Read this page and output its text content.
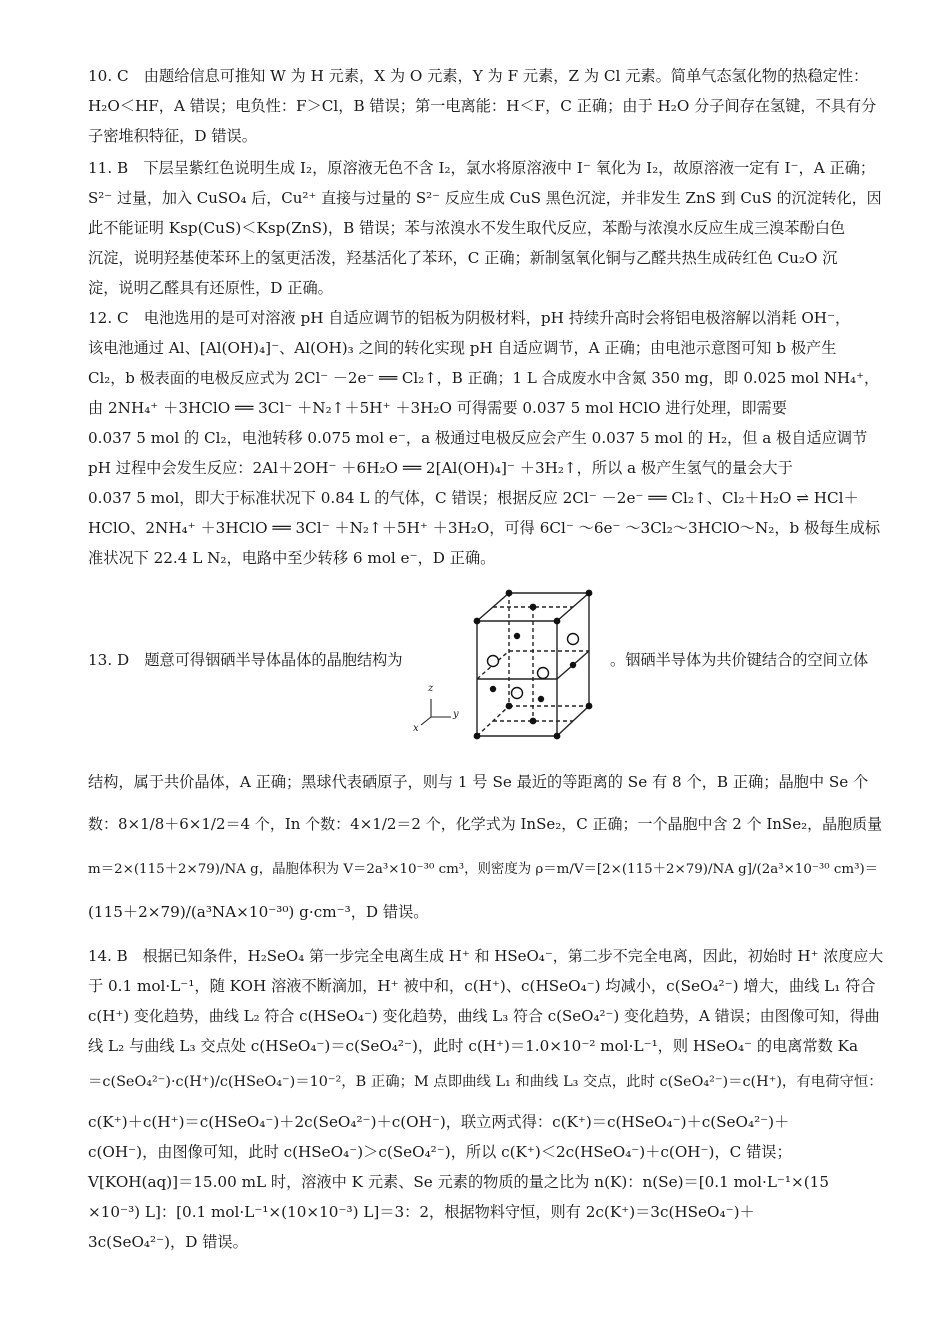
10. C　由题给信息可推知 W 为 H 元素，X 为 O 元素，Y 为 F 元素，Z 为 Cl 元素。简单气态氢化物的热稳定性：
H₂O＜HF，A 错误；电负性：F＞Cl，B 错误；第一电离能：H＜F，C 正确；由于 H₂O 分子间存在氢键，不具有分
子密堆积特征，D 错误。
11. B　下层呈紫红色说明生成 I₂，原溶液无色不含 I₂，氯水将原溶液中 I⁻ 氧化为 I₂，故原溶液一定有 I⁻，A 正确；
S²⁻ 过量，加入 CuSO₄ 后，Cu²⁺ 直接与过量的 S²⁻ 反应生成 CuS 黑色沉淀，并非发生 ZnS 到 CuS 的沉淀转化，因
此不能证明 Ksp(CuS)＜Ksp(ZnS)，B 错误；苯与浓溴水不发生取代反应，苯酚与浓溴水反应生成三溴苯酚白色
沉淀，说明羟基使苯环上的氢更活泼，羟基活化了苯环，C 正确；新制氢氧化铜与乙醛共热生成砖红色 Cu₂O 沉
淀，说明乙醛具有还原性，D 正确。
12. C　电池选用的是可对溶液 pH 自适应调节的铝板为阴极材料，pH 持续升高时会将铝电极溶解以消耗 OH⁻，
该电池通过 Al、[Al(OH)₄]⁻、Al(OH)₃ 之间的转化实现 pH 自适应调节，A 正确；由电池示意图可知 b 极产生
Cl₂，b 极表面的电极反应式为 2Cl⁻ －2e⁻ ══ Cl₂↑，B 正确；1 L 合成废水中含氮 350 mg，即 0.025 mol NH₄⁺，
由 2NH₄⁺ ＋3HClO ══ 3Cl⁻ ＋N₂↑＋5H⁺ ＋3H₂O 可得需要 0.037 5 mol HClO 进行处理，即需要
0.037 5 mol 的 Cl₂，电池转移 0.075 mol e⁻，a 极通过电极反应会产生 0.037 5 mol 的 H₂，但 a 极自适应调节
pH 过程中会发生反应：2Al＋2OH⁻ ＋6H₂O ══ 2[Al(OH)₄]⁻ ＋3H₂↑，所以 a 极产生氢气的量会大于
0.037 5 mol，即大于标准状况下 0.84 L 的气体，C 错误；根据反应 2Cl⁻ －2e⁻ ══ Cl₂↑、Cl₂＋H₂O ⇌ HCl＋
HClO、2NH₄⁺ ＋3HClO ══ 3Cl⁻ ＋N₂↑＋5H⁺ ＋3H₂O，可得 6Cl⁻ ～6e⁻ ～3Cl₂～3HClO～N₂，b 极每生成标
准状况下 22.4 L N₂，电路中至少转移 6 mol e⁻，D 正确。
13. D　题意可得铟硒半导体晶体的晶胞结构为	。铟硒半导体为共价键结合的空间立体
z
y
x
结构，属于共价晶体，A 正确；黑球代表硒原子，则与 1 号 Se 最近的等距离的 Se 有 8 个，B 正确；晶胞中 Se 个
数：8×1/8＋6×1/2＝4 个，In 个数：4×1/2＝2 个，化学式为 InSe₂，C 正确；一个晶胞中含 2 个 InSe₂，晶胞质量
m＝2×(115＋2×79)/NA g，晶胞体积为 V＝2a³×10⁻³⁰ cm³，则密度为 ρ＝m/V＝[2×(115＋2×79)/NA g]/(2a³×10⁻³⁰ cm³)＝
(115＋2×79)/(a³NA×10⁻³⁰) g·cm⁻³，D 错误。
14. B　根据已知条件，H₂SeO₄ 第一步完全电离生成 H⁺ 和 HSeO₄⁻，第二步不完全电离，因此，初始时 H⁺ 浓度应大
于 0.1 mol·L⁻¹，随 KOH 溶液不断滴加，H⁺ 被中和，c(H⁺)、c(HSeO₄⁻) 均减小，c(SeO₄²⁻) 增大，曲线 L₁ 符合
c(H⁺) 变化趋势，曲线 L₂ 符合 c(HSeO₄⁻) 变化趋势，曲线 L₃ 符合 c(SeO₄²⁻) 变化趋势，A 错误；由图像可知，得曲
线 L₂ 与曲线 L₃ 交点处 c(HSeO₄⁻)＝c(SeO₄²⁻)，此时 c(H⁺)＝1.0×10⁻² mol·L⁻¹，则 HSeO₄⁻ 的电离常数 Ka
＝c(SeO₄²⁻)·c(H⁺)/c(HSeO₄⁻)＝10⁻²，B 正确；M 点即曲线 L₁ 和曲线 L₃ 交点，此时 c(SeO₄²⁻)＝c(H⁺)，有电荷守恒：
c(K⁺)＋c(H⁺)＝c(HSeO₄⁻)＋2c(SeO₄²⁻)＋c(OH⁻)，联立两式得：c(K⁺)＝c(HSeO₄⁻)＋c(SeO₄²⁻)＋
c(OH⁻)，由图像可知，此时 c(HSeO₄⁻)＞c(SeO₄²⁻)，所以 c(K⁺)＜2c(HSeO₄⁻)＋c(OH⁻)，C 错误；
V[KOH(aq)]＝15.00 mL 时，溶液中 K 元素、Se 元素的物质的量之比为 n(K)：n(Se)＝[0.1 mol·L⁻¹×(15
×10⁻³) L]：[0.1 mol·L⁻¹×(10×10⁻³) L]＝3：2，根据物料守恒，则有 2c(K⁺)＝3c(HSeO₄⁻)＋
3c(SeO₄²⁻)，D 错误。
